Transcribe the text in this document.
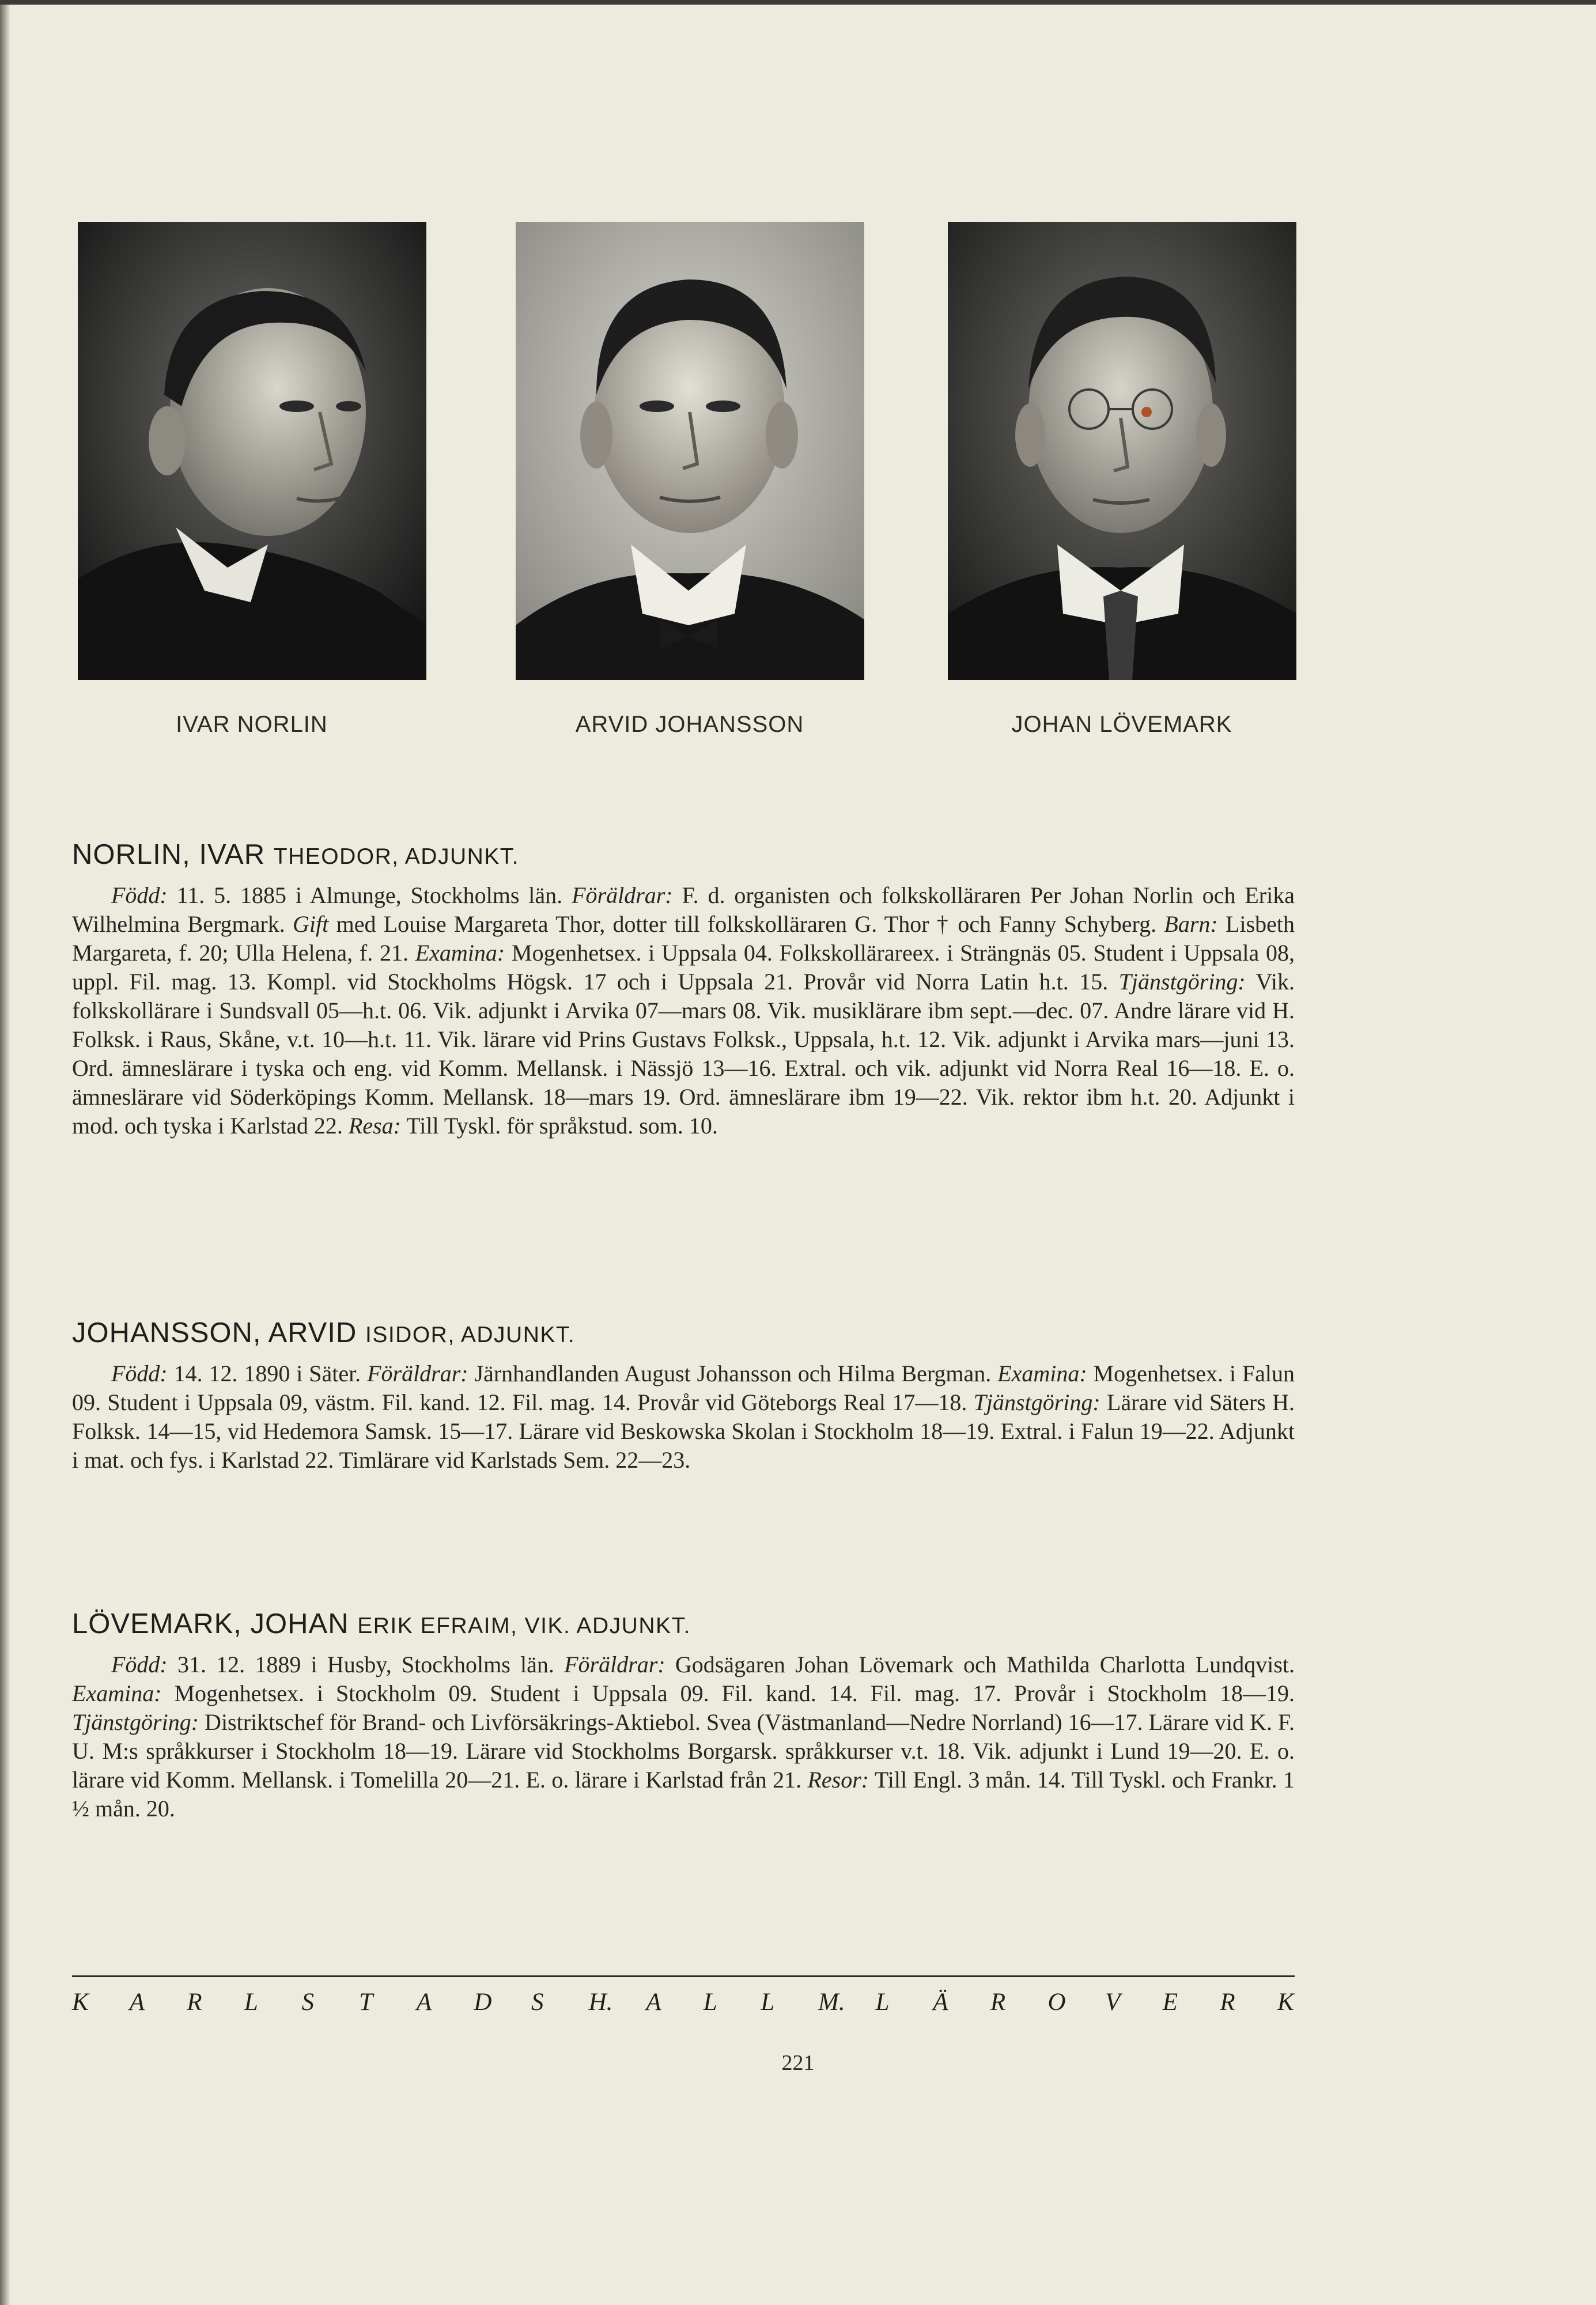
IVAR NORLIN	ARVID JOHANSSON	JOHAN LÖVEMARK
NORLIN, IVAR THEODOR, ADJUNKT.

Född: 11. 5. 1885 i Almunge, Stockholms län. Föräldrar: F. d. organisten och folkskolläraren Per Johan Norlin och Erika Wilhelmina Bergmark. Gift med Louise Margareta Thor, dotter till folkskolläraren G. Thor † och Fanny Schyberg. Barn: Lisbeth Margareta, f. 20; Ulla Helena, f. 21. Examina: Mogenhetsex. i Uppsala 04. Folkskollärareex. i Strängnäs 05. Student i Uppsala 08, uppl. Fil. mag. 13. Kompl. vid Stockholms Högsk. 17 och i Uppsala 21. Provår vid Norra Latin h.t. 15. Tjänstgöring: Vik. folkskollärare i Sundsvall 05—h.t. 06. Vik. adjunkt i Arvika 07—mars 08. Vik. musiklärare ibm sept.—dec. 07. Andre lärare vid H. Folksk. i Raus, Skåne, v.t. 10—h.t. 11. Vik. lärare vid Prins Gustavs Folksk., Uppsala, h.t. 12. Vik. adjunkt i Arvika mars—juni 13. Ord. ämneslärare i tyska och eng. vid Komm. Mellansk. i Nässjö 13—16. Extral. och vik. adjunkt vid Norra Real 16—18. E. o. ämneslärare vid Söderköpings Komm. Mellansk. 18—mars 19. Ord. ämneslärare ibm 19—22. Vik. rektor ibm h.t. 20. Adjunkt i mod. och tyska i Karlstad 22. Resa: Till Tyskl. för språkstud. som. 10.

JOHANSSON, ARVID ISIDOR, ADJUNKT.

Född: 14. 12. 1890 i Säter. Föräldrar: Järnhandlanden August Johansson och Hilma Bergman. Examina: Mogenhetsex. i Falun 09. Student i Uppsala 09, västm. Fil. kand. 12. Fil. mag. 14. Provår vid Göteborgs Real 17—18. Tjänstgöring: Lärare vid Säters H. Folksk. 14—15, vid Hedemora Samsk. 15—17. Lärare vid Beskowska Skolan i Stockholm 18—19. Extral. i Falun 19—22. Adjunkt i mat. och fys. i Karlstad 22. Timlärare vid Karlstads Sem. 22—23.

LÖVEMARK, JOHAN ERIK EFRAIM, VIK. ADJUNKT.

Född: 31. 12. 1889 i Husby, Stockholms län. Föräldrar: Godsägaren Johan Lövemark och Mathilda Charlotta Lundqvist. Examina: Mogenhetsex. i Stockholm 09. Student i Uppsala 09. Fil. kand. 14. Fil. mag. 17. Provår i Stockholm 18—19. Tjänstgöring: Distriktschef för Brand- och Livförsäkrings-Aktiebol. Svea (Västmanland—Nedre Norrland) 16—17. Lärare vid K. F. U. M:s språkkurser i Stockholm 18—19. Lärare vid Stockholms Borgarsk. språkkurser v.t. 18. Vik. adjunkt i Lund 19—20. E. o. lärare vid Komm. Mellansk. i Tomelilla 20—21. E. o. lärare i Karlstad från 21. Resor: Till Engl. 3 mån. 14. Till Tyskl. och Frankr. 1 ½ mån. 20.

K A R L S T A D S H. A L L M. L Ä R O V E R K
221
